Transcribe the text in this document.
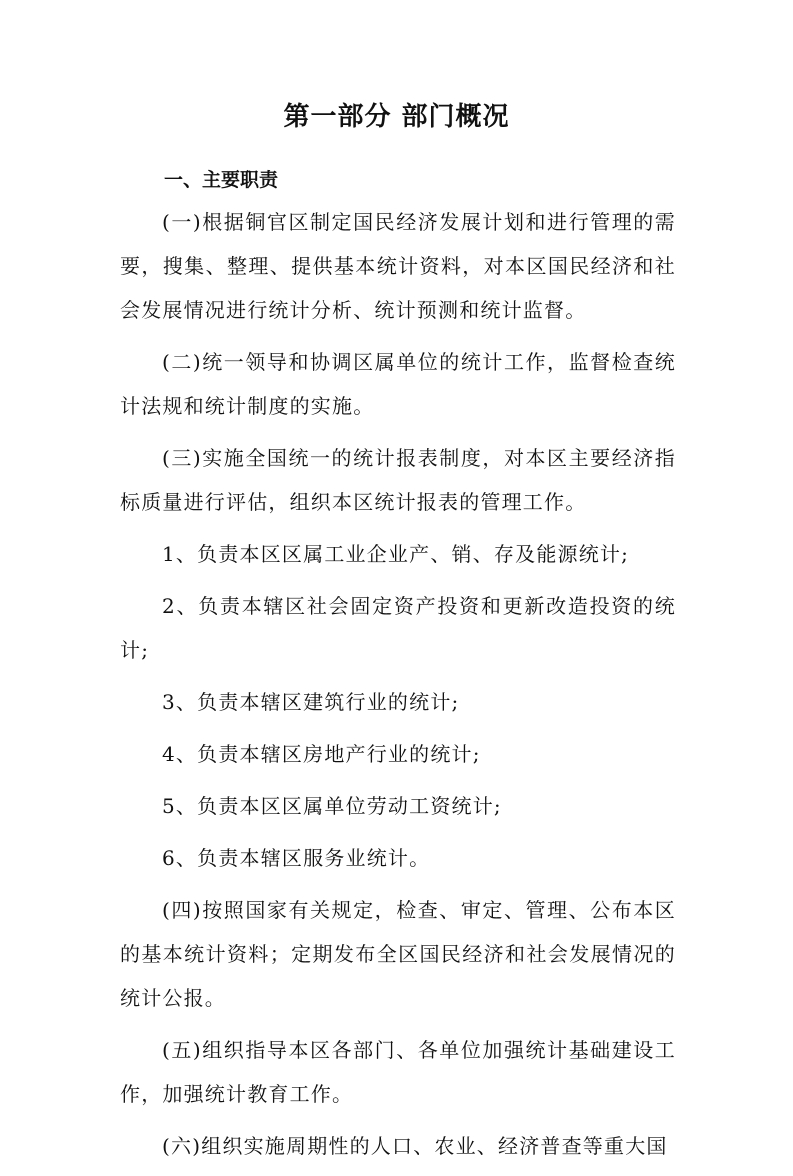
第一部分 部门概况
一、主要职责

(一)根据铜官区制定国民经济发展计划和进行管理的需要，搜集、整理、提供基本统计资料，对本区国民经济和社会发展情况进行统计分析、统计预测和统计监督。

(二)统一领导和协调区属单位的统计工作，监督检查统计法规和统计制度的实施。

(三)实施全国统一的统计报表制度，对本区主要经济指标质量进行评估，组织本区统计报表的管理工作。

1、负责本区区属工业企业产、销、存及能源统计;

2、负责本辖区社会固定资产投资和更新改造投资的统计;

3、负责本辖区建筑行业的统计;

4、负责本辖区房地产行业的统计;

5、负责本区区属单位劳动工资统计;

6、负责本辖区服务业统计。

(四)按照国家有关规定，检查、审定、管理、公布本区的基本统计资料；定期发布全区国民经济和社会发展情况的统计公报。

(五)组织指导本区各部门、各单位加强统计基础建设工作，加强统计教育工作。

(六)组织实施周期性的人口、农业、经济普查等重大国
